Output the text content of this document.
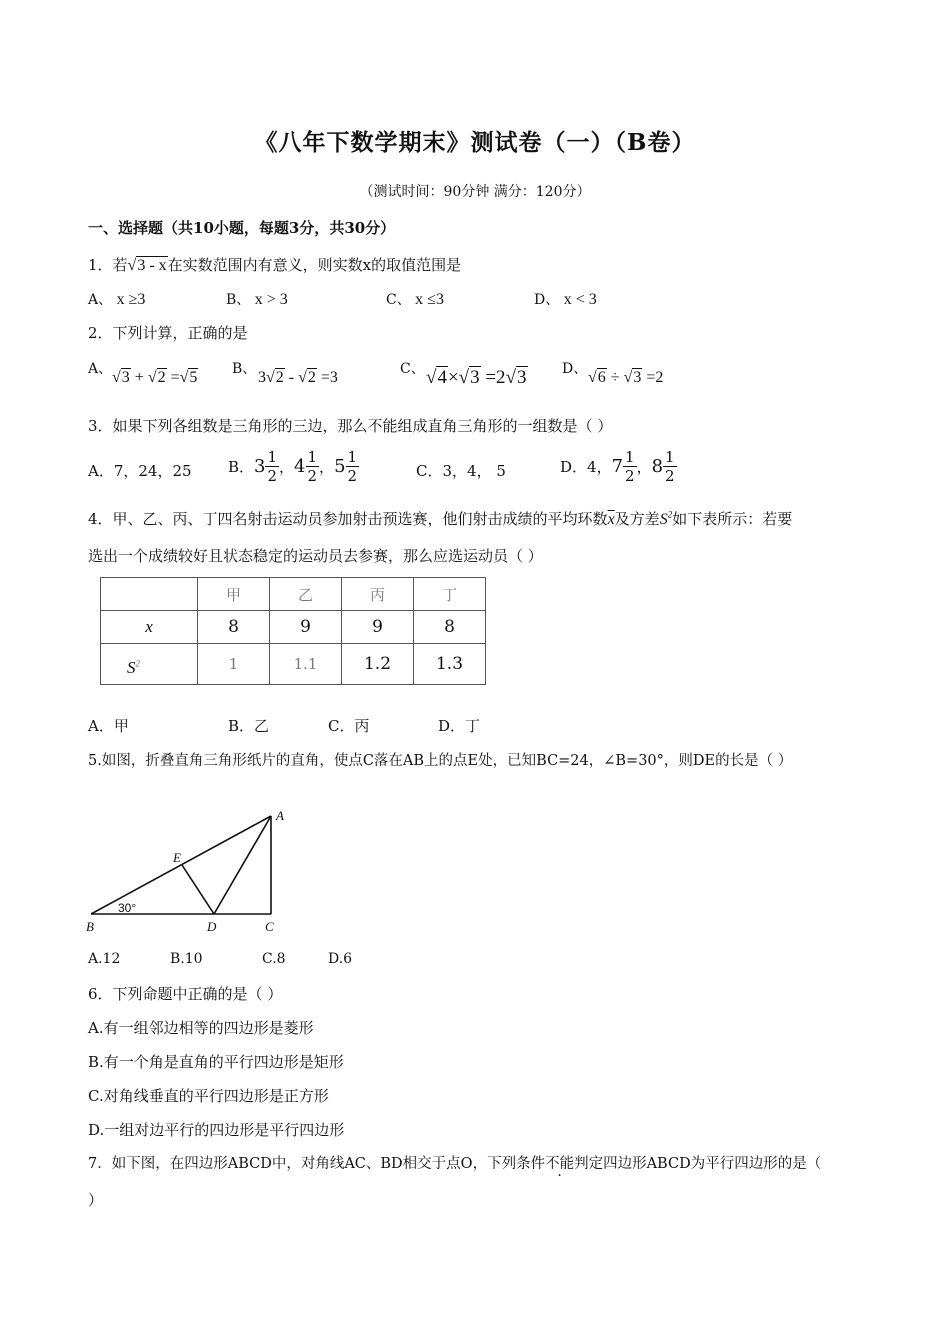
《八年下数学期末》测试卷（一）（B卷）
（测试时间：90分钟 满分：120分）
一、选择题（共10小题，每题3分，共30分）
1．若√3 - x在实数范围内有意义，则实数x的取值范围是
A、 x ≥3	B、 x > 3	C、 x ≤3	D、 x < 3
2．下列计算，正确的是
A、 √3 + √2 =√5 B、 3√2 - √2 =3	C、 √4×√3 =2√3	D、 √6 ÷ √3 =2
3．如果下列各组数是三角形的三边，那么不能组成直角三角形的一组数是（ ）
A．7，24，25 B．$3 \frac{1}{2}$ ，$4 \frac{1}{2}$ ，$5 \frac{1}{2}$	C．3，4， 5	D．4，$7 \frac{1}{2}$ ，$8 \frac{1}{2}$
4．甲、乙、丙、丁四名射击运动员参加射击预选赛，他们射击成绩的平均环数$\overline{x}$及方差$S^2$如下表所示：若要
选出一个成绩较好且状态稳定的运动员去参赛，那么应选运动员（ ）
	甲	乙	丙	丁
x	8	9	9	8
$S^2$	1	1.1	1.2	1.3
A．甲	B．乙	C．丙	D．丁
5.如图，折叠直角三角形纸片的直角，使点C落在AB上的点E处，已知BC=24，∠B=30°，则DE的长是（ ）
A
B	C
D
E
30°
A.12	B.10	C.8	D.6
6．下列命题中正确的是（ ）
A.有一组邻边相等的四边形是菱形
B.有一个角是直角的平行四边形是矩形
C.对角线垂直的平行四边形是正方形
D.一组对边平行的四边形是平行四边形
7．如下图，在四边形ABCD中，对角线AC、BD相交于点O，下列条件不能判定四边形ABCD为平行四边形的是（
）
